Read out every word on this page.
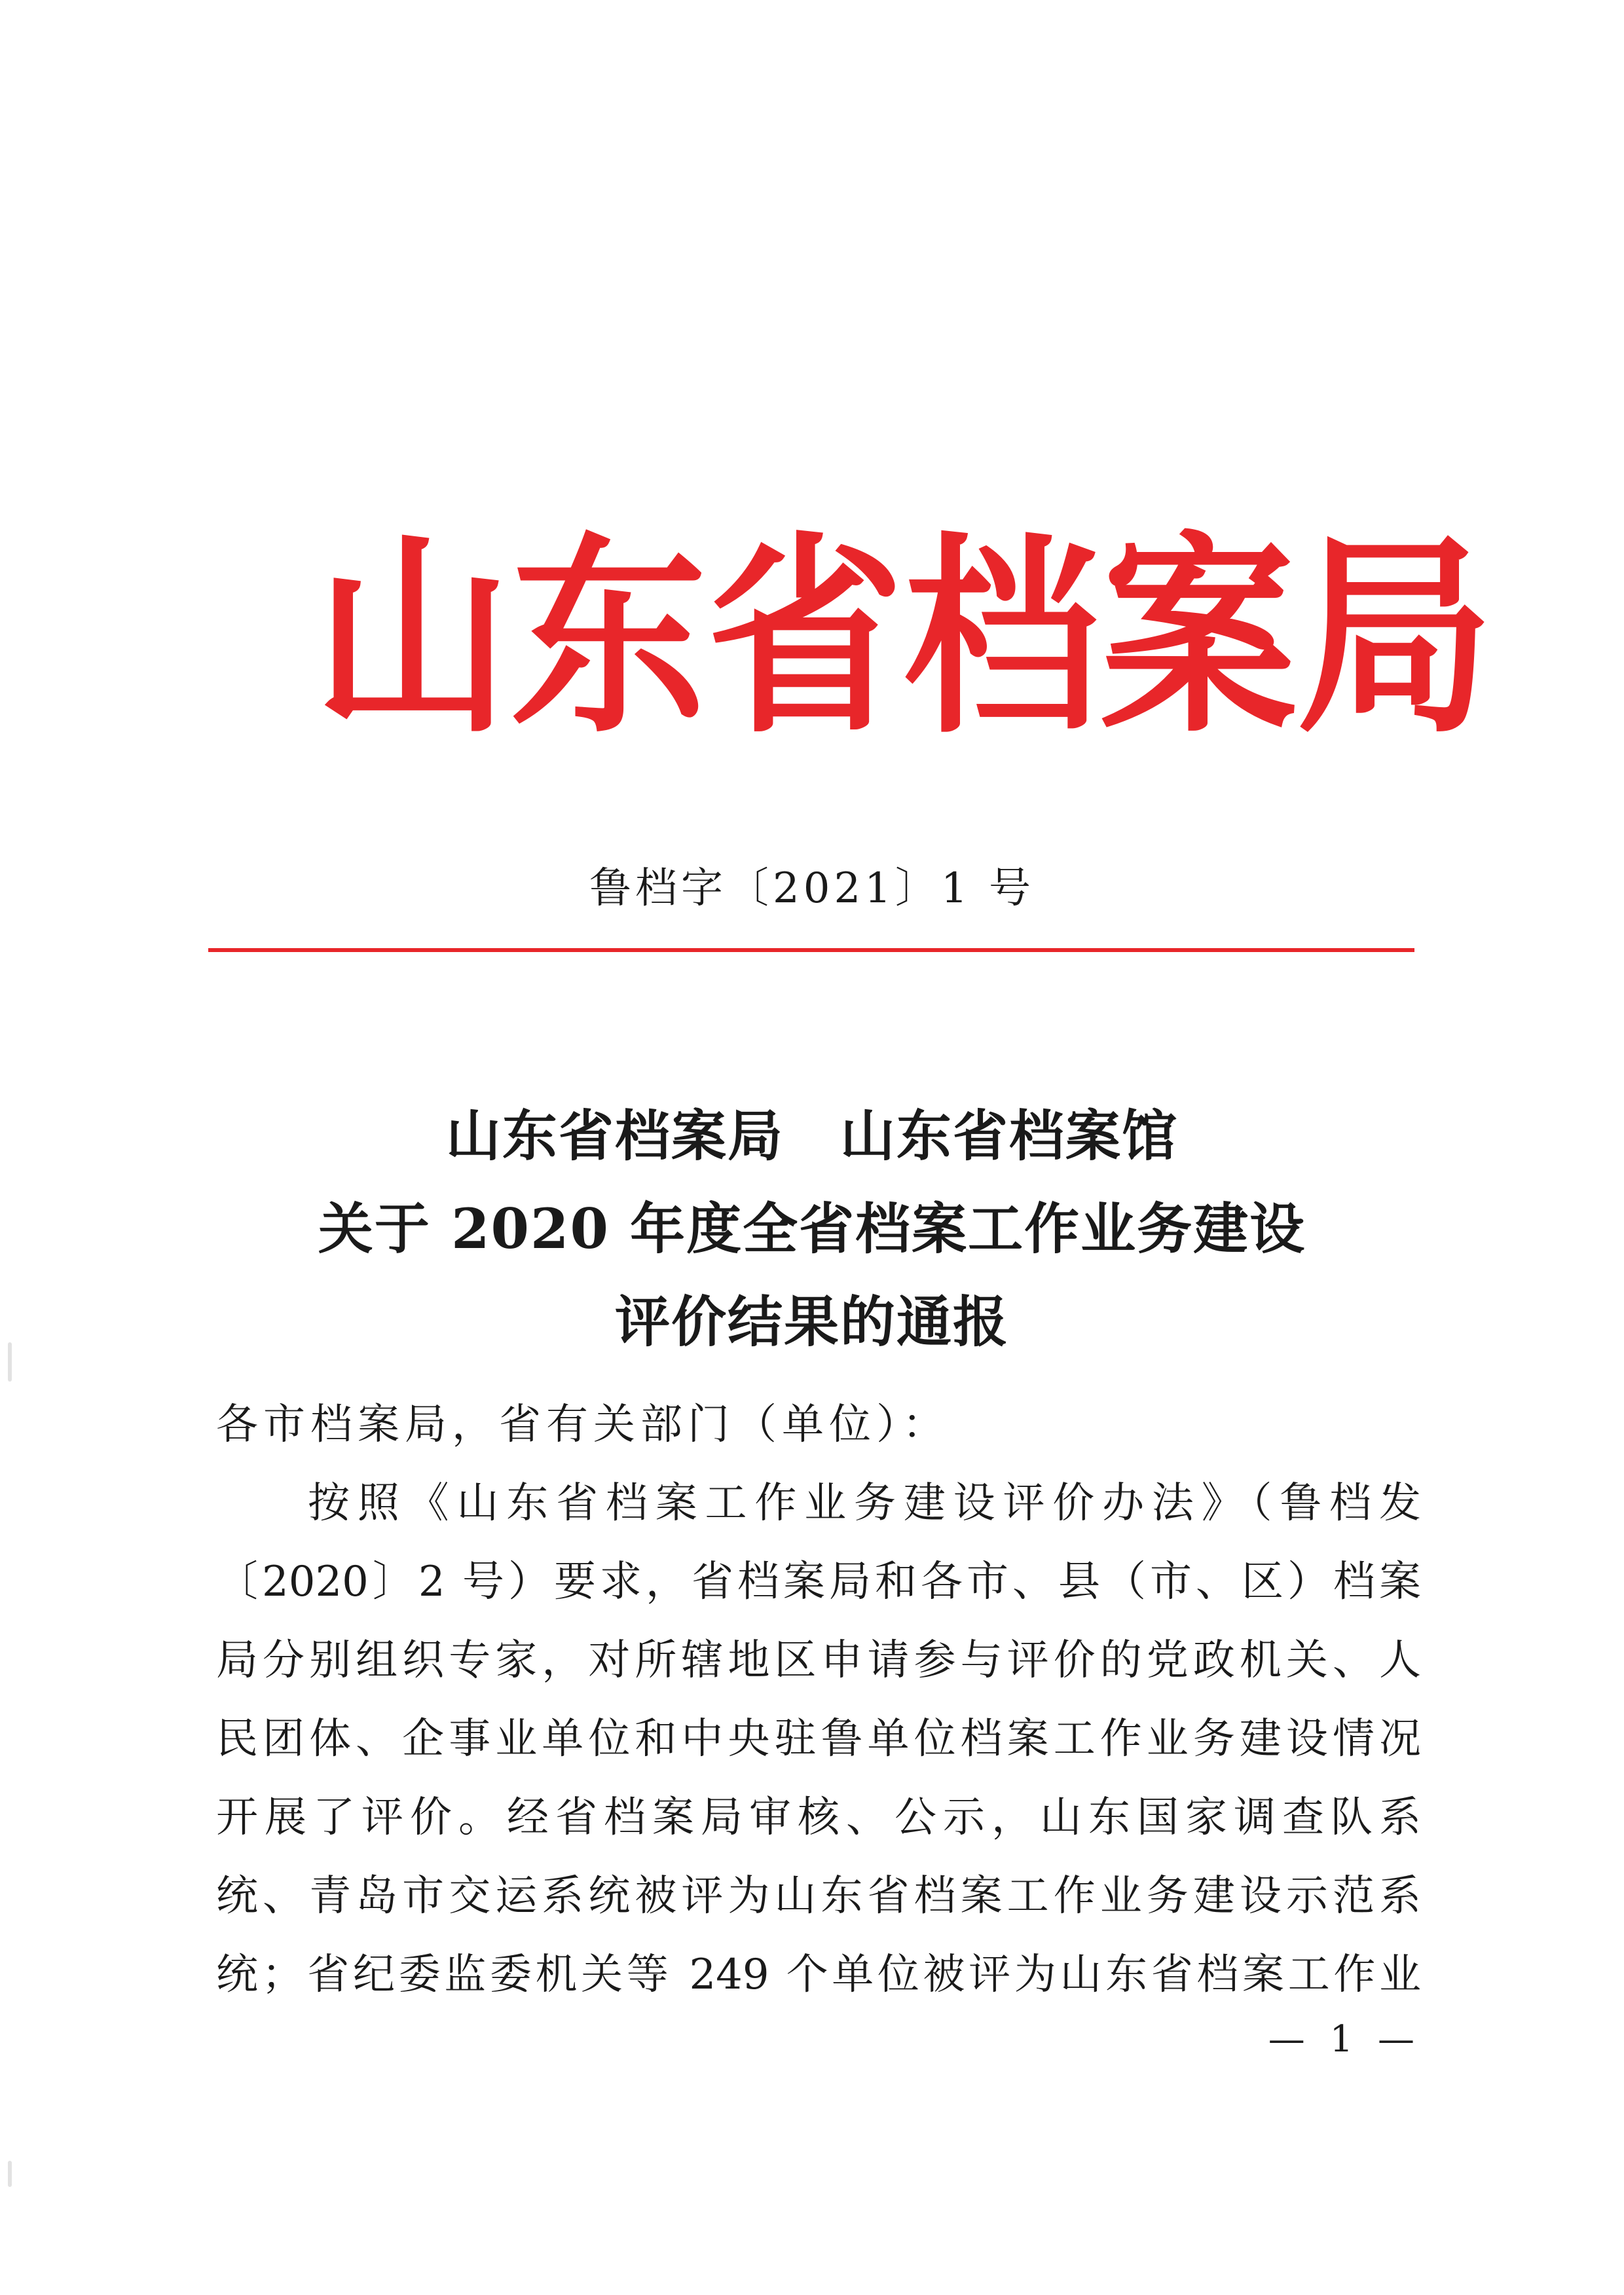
山 东 省 档 案 局
鲁档字〔2021〕1 号
山东省档案局　山东省档案馆
关于 2020 年度全省档案工作业务建设
评价结果的通报
各市档案局，省有关部门（单位）：
按照《山东省档案工作业务建设评价办法》（鲁档发
〔2020〕2 号）要求，省档案局和各市、县（市、区）档案
局分别组织专家，对所辖地区申请参与评价的党政机关、人
民团体、企事业单位和中央驻鲁单位档案工作业务建设情况
开展了评价。经省档案局审核、公示，山东国家调查队系
统、青岛市交运系统被评为山东省档案工作业务建设示范系
统；省纪委监委机关等 249 个单位被评为山东省档案工作业
— 1 —
